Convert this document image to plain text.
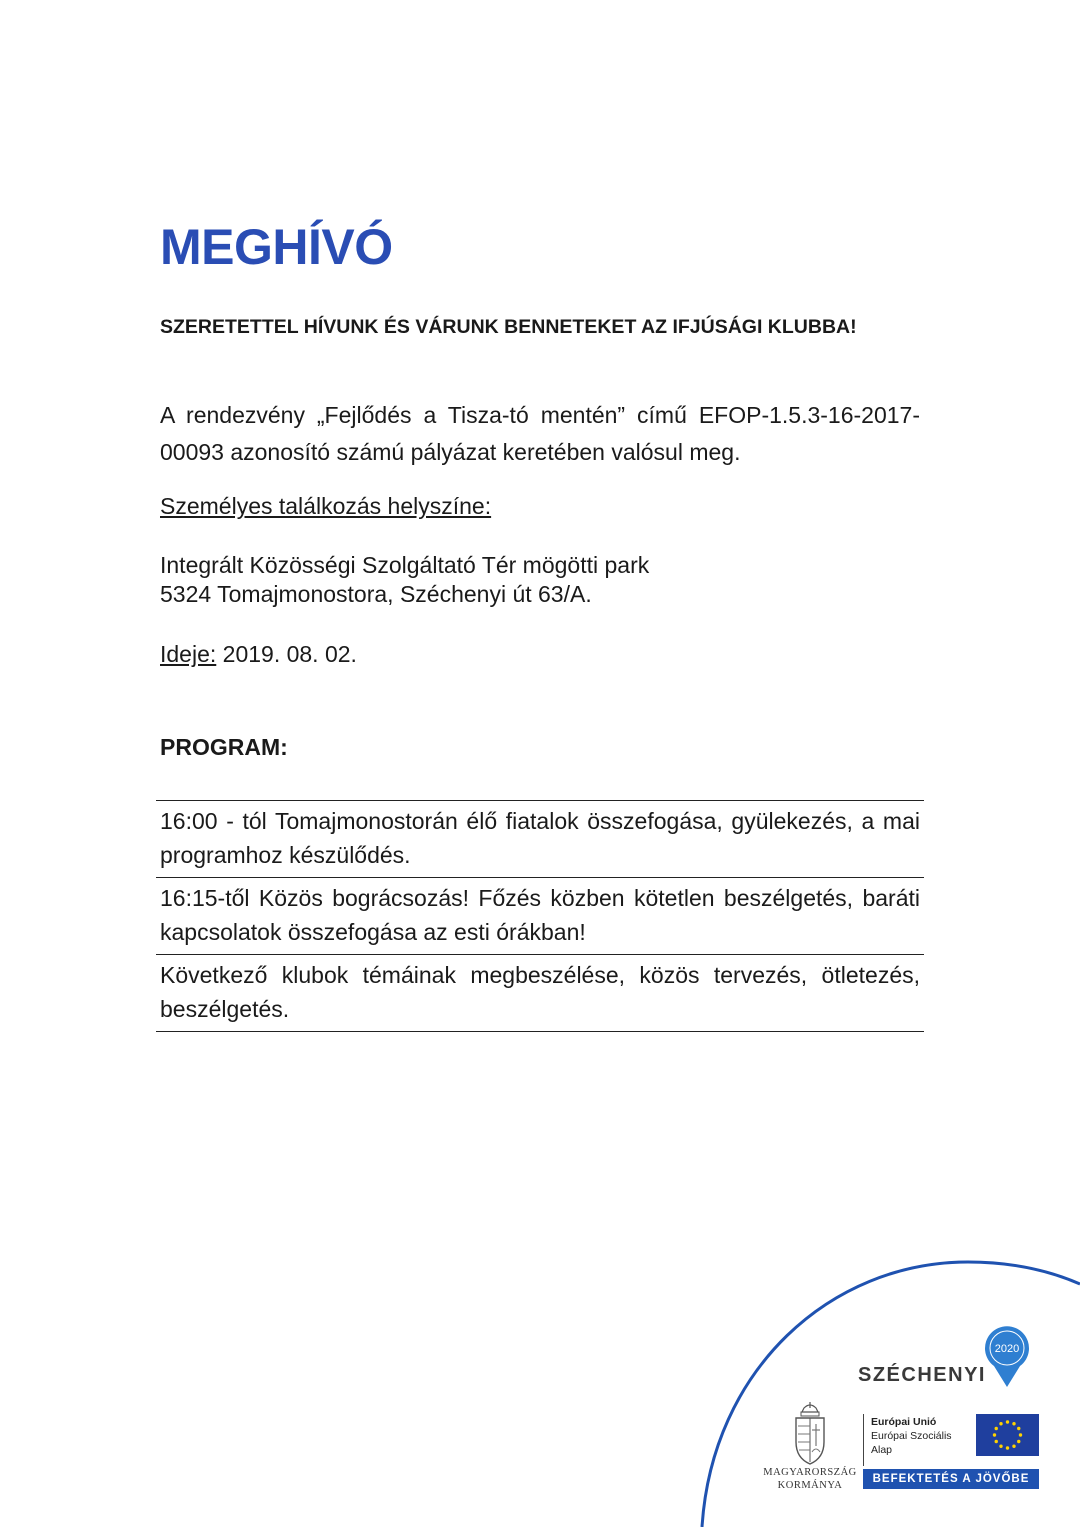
MEGHÍVÓ
SZERETETTEL HÍVUNK ÉS VÁRUNK BENNETEKET AZ IFJÚSÁGI KLUBBA!
A rendezvény „Fejlődés a Tisza-tó mentén” című EFOP-1.5.3-16-2017-00093 azonosító számú pályázat keretében valósul meg.
Személyes találkozás helyszíne:
Integrált Közösségi Szolgáltató Tér mögötti park
5324 Tomajmonostora, Széchenyi út 63/A.
Ideje: 2019. 08. 02.
PROGRAM:
16:00 - tól Tomajmonostorán élő fiatalok összefogása, gyülekezés, a mai programhoz készülődés.
16:15-től Közös bográcsozás! Főzés közben kötetlen beszélgetés, baráti kapcsolatok összefogása az esti órákban!
Következő klubok témáinak megbeszélése, közös tervezés, ötletezés, beszélgetés.
SZÉCHENYI
2020
MAGYARORSZÁG
KORMÁNYA
Európai Unió
Európai Szociális
Alap
BEFEKTETÉS A JÖVŐBE
